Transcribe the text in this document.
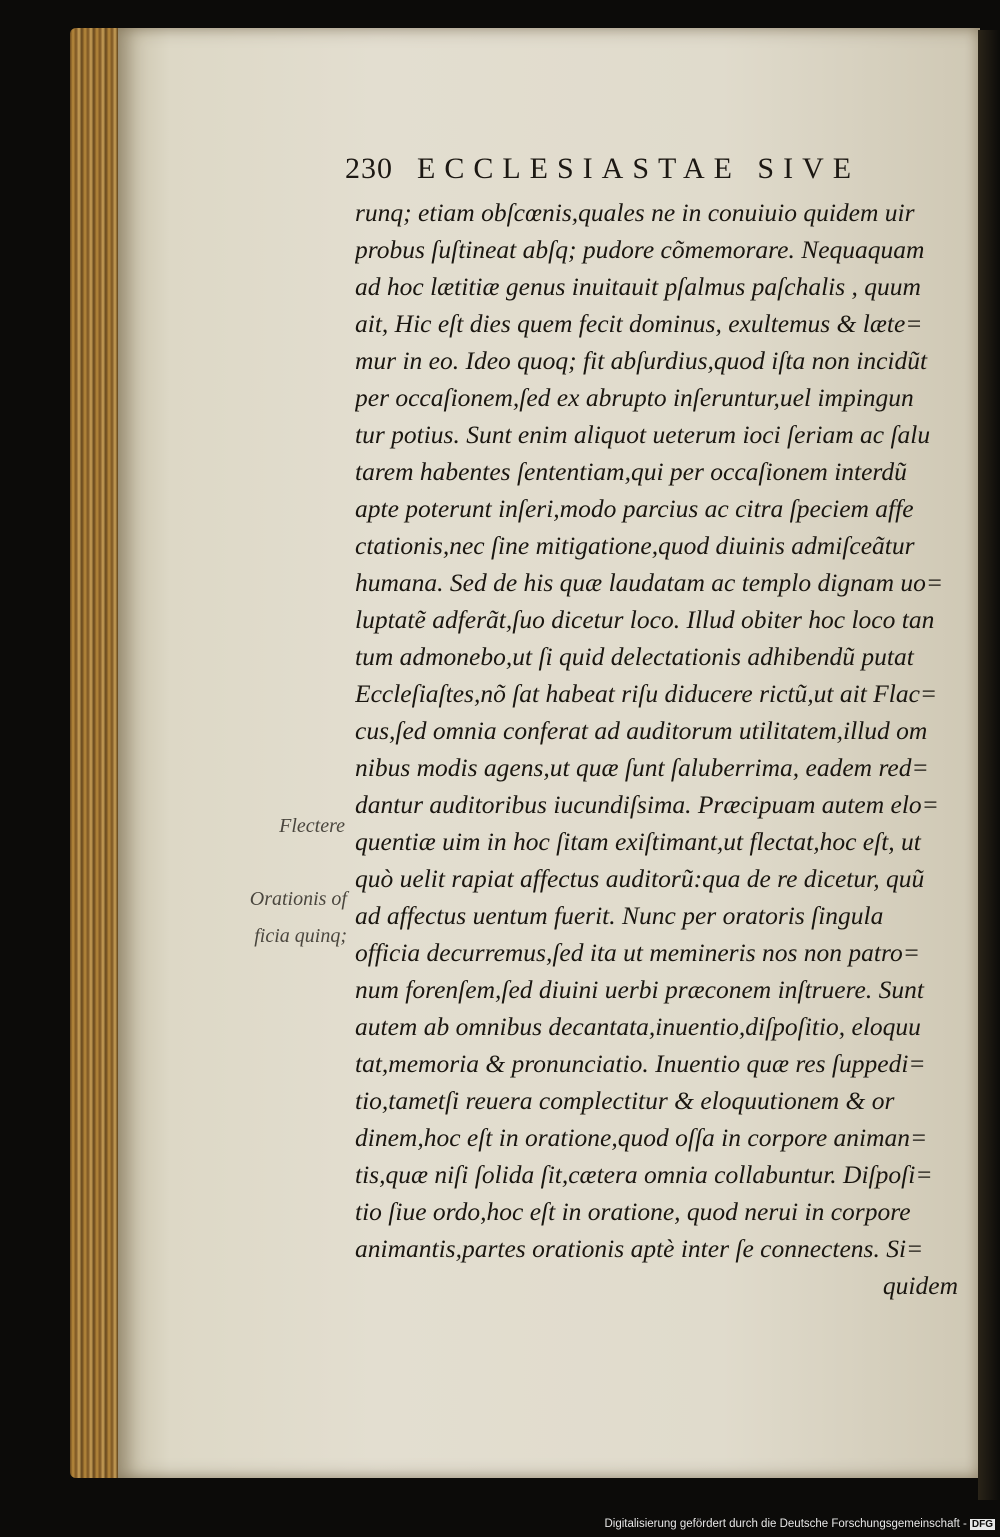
230 ECCLESIASTAE SIVE
runq; etiam obſcœnis,quales ne in conuiuio quidem uir
probus ſuſtineat abſq; pudore cõmemorare. Nequaquam
ad hoc lætitiæ genus inuitauit pſalmus paſchalis , quum
ait, Hic eſt dies quem fecit dominus, exultemus & læte=
mur in eo. Ideo quoq; fit abſurdius,quod iſta non incidũt
per occaſionem,ſed ex abrupto inſeruntur,uel impingun
tur potius. Sunt enim aliquot ueterum ioci ſeriam ac ſalu
tarem habentes ſententiam,qui per occaſionem interdũ
apte poterunt inſeri,modo parcius ac citra ſpeciem affe
ctationis,nec ſine mitigatione,quod diuinis admiſceãtur
humana. Sed de his quæ laudatam ac templo dignam uo=
luptatẽ adferãt,ſuo dicetur loco. Illud obiter hoc loco tan
tum admonebo,ut ſi quid delectationis adhibendũ putat
Eccleſiaſtes,nõ ſat habeat riſu diducere rictũ,ut ait Flac=
cus,ſed omnia conferat ad auditorum utilitatem,illud om
nibus modis agens,ut quæ ſunt ſaluberrima, eadem red=
dantur auditoribus iucundiſsima. Præcipuam autem elo=
quentiæ uim in hoc ſitam exiſtimant,ut flectat,hoc eſt, ut
quò uelit rapiat affectus auditorũ:qua de re dicetur, quũ
ad affectus uentum fuerit. Nunc per oratoris ſingula
officia decurremus,ſed ita ut memineris nos non patro=
num forenſem,ſed diuini uerbi præconem inſtruere. Sunt
autem ab omnibus decantata,inuentio,diſpoſitio, eloquu
tat,memoria & pronunciatio. Inuentio quæ res ſuppedi=
tio,tametſi reuera complectitur & eloquutionem & or
dinem,hoc eſt in oratione,quod oſſa in corpore animan=
tis,quæ niſi ſolida ſit,cætera omnia collabuntur. Diſpoſi=
tio ſiue ordo,hoc eſt in oratione, quod nerui in corpore
animantis,partes orationis aptè inter ſe connectens. Si=
quidem
Flectere
Orationis of
ficia quinq;
Digitalisierung gefördert durch die Deutsche Forschungsgemeinschaft - DFG
